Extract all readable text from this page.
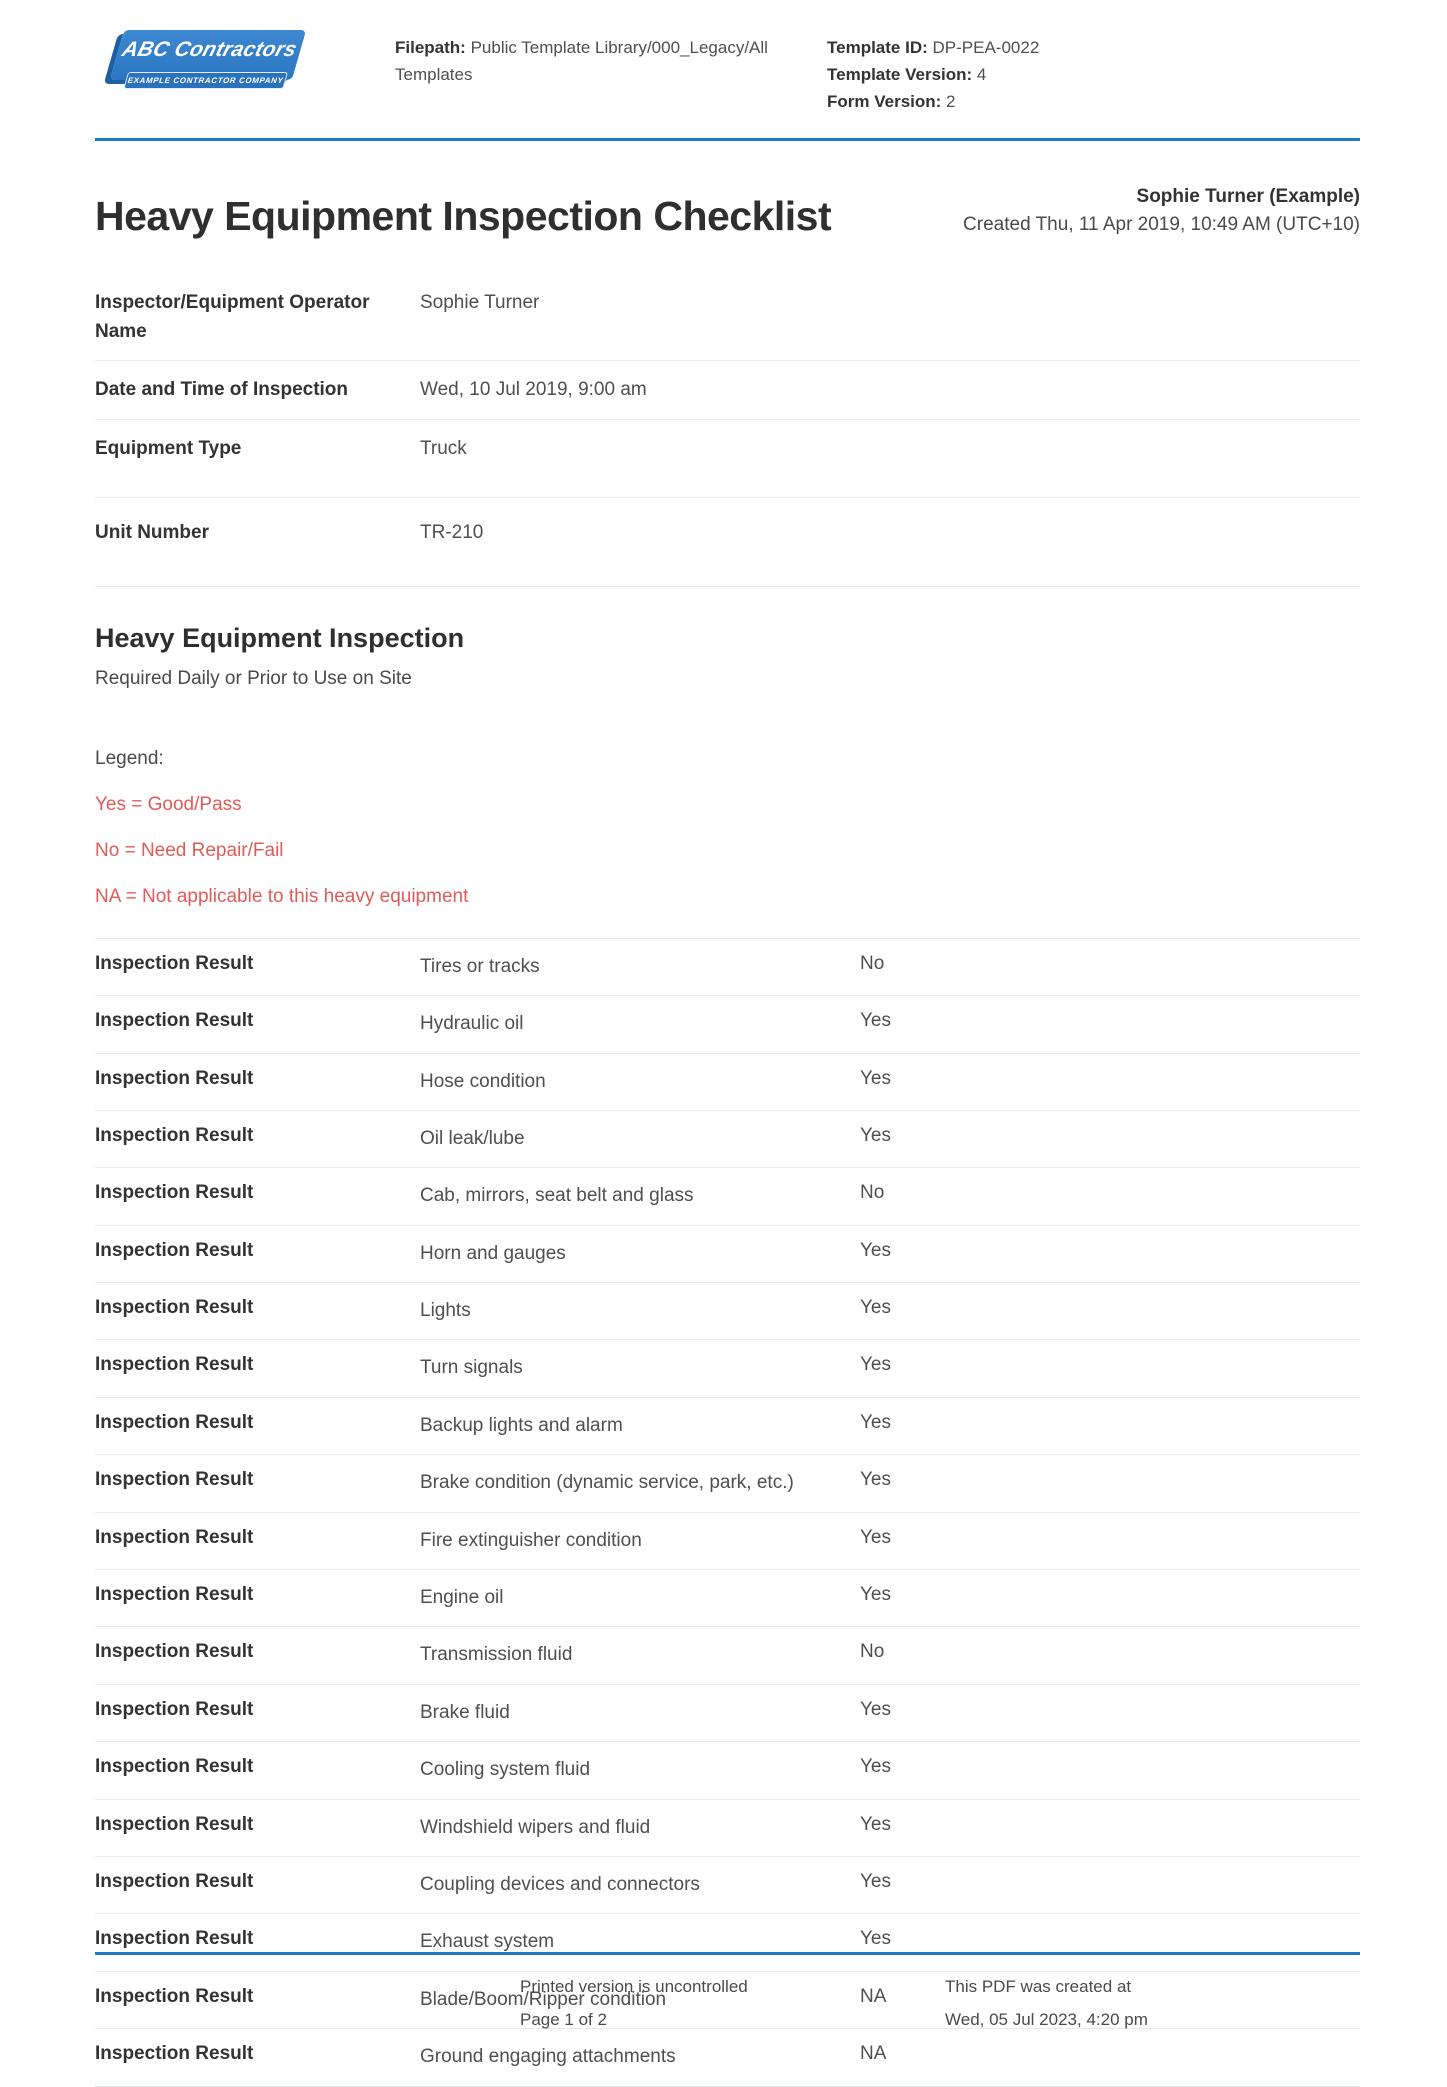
ABC Contractors
EXAMPLE CONTRACTOR COMPANY
Filepath: Public Template Library/000_Legacy/All Templates
Template ID: DP-PEA-0022
Template Version: 4
Form Version: 2
Heavy Equipment Inspection Checklist	Sophie Turner (Example)
Created Thu, 11 Apr 2019, 10:49 AM (UTC+10)
Inspector/Equipment Operator Name
Sophie Turner
Date and Time of Inspection	Wed, 10 Jul 2019, 9:00 am
Equipment Type	Truck
Unit Number	TR-210
Heavy Equipment Inspection
Required Daily or Prior to Use on Site
Legend:
Yes = Good/Pass
No = Need Repair/Fail
NA = Not applicable to this heavy equipment
Inspection Result	Tires or tracks	No
Inspection Result	Hydraulic oil	Yes
Inspection Result	Hose condition	Yes
Inspection Result	Oil leak/lube	Yes
Inspection Result	Cab, mirrors, seat belt and glass	No
Inspection Result	Horn and gauges	Yes
Inspection Result	Lights	Yes
Inspection Result	Turn signals	Yes
Inspection Result	Backup lights and alarm	Yes
Inspection Result	Brake condition (dynamic service, park, etc.)	Yes
Inspection Result	Fire extinguisher condition	Yes
Inspection Result	Engine oil	Yes
Inspection Result	Transmission fluid	No
Inspection Result	Brake fluid	Yes
Inspection Result	Cooling system fluid	Yes
Inspection Result	Windshield wipers and fluid	Yes
Inspection Result	Coupling devices and connectors	Yes
Inspection Result	Exhaust system	Yes
Inspection Result	Blade/Boom/Ripper condition	NA
Inspection Result	Ground engaging attachments	NA
Printed version is uncontrolled
Page 1 of 2
This PDF was created at
Wed, 05 Jul 2023, 4:20 pm
